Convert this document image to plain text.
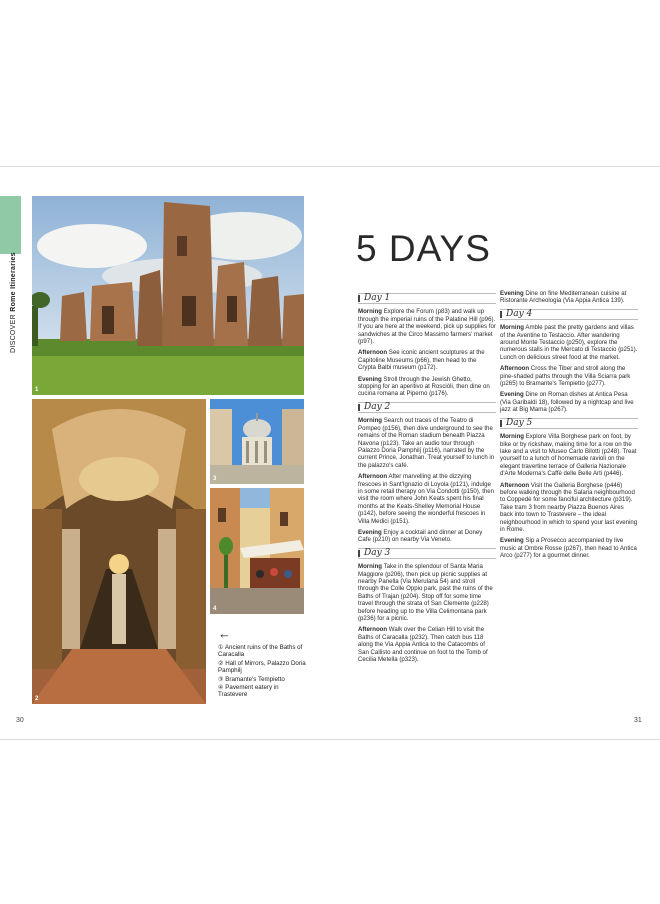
DISCOVER Rome Itineraries
1
2
3
4
←

① Ancient ruins of the Baths of Caracalla

② Hall of Mirrors, Palazzo Doria Pamphilj

③ Bramante's Tempietto

④ Pavement eatery in Trastevere

30
5 DAYS
Day 1

Morning Explore the Forum (p83) and walk up through the imperial ruins of the Palatine Hill (p96). If you are here at the weekend, pick up supplies for sandwiches at the Circo Massimo farmers' market (p97).

Afternoon See iconic ancient sculptures at the Capitoline Museums (p66), then head to the Crypta Balbi museum (p172).

Evening Stroll through the Jewish Ghetto, stopping for an aperitivo at Rosciòli, then dine on cucina romana at Piperno (p176).

Day 2

Morning Search out traces of the Teatro di Pompeo (p156), then dive underground to see the remains of the Roman stadium beneath Piazza Navona (p123). Take an audio tour through Palazzo Doria Pamphilj (p116), narrated by the current Prince, Jonathan. Treat yourself to lunch in the palazzo's café.

Afternoon After marvelling at the dizzying frescoes in Sant'Ignazio di Loyola (p121), indulge in some retail therapy on Via Condotti (p150), then visit the room where John Keats spent his final months at the Keats-Shelley Memorial House (p142), before seeing the wonderful frescoes in Villa Medici (p151).

Evening Enjoy a cocktail and dinner at Doney Cafe (p210) on nearby Via Veneto.

Day 3

Morning Take in the splendour of Santa Maria Maggiore (p206), then pick up picnic supplies at nearby Panella (Via Merulana 54) and stroll through the Colle Oppio park, past the ruins of the Baths of Trajan (p204). Stop off for some time travel through the strata of San Clemente (p228) before heading up to the Villa Celimontana park (p236) for a picnic.

Afternoon Walk over the Celian Hill to visit the Baths of Caracalla (p232). Then catch bus 118 along the Via Appia Antica to the Catacombs of San Callisto and continue on foot to the Tomb of Cecilia Metella (p323).

Evening Dine on fine Mediterranean cuisine at Ristorante Archeologia (Via Appia Antica 139).

Day 4

Morning Amble past the pretty gardens and villas of the Aventine to Testaccio. After wandering around Monte Testaccio (p250), explore the numerous stalls in the Mercato di Testaccio (p251). Lunch on delicious street food at the market.

Afternoon Cross the Tiber and stroll along the pine-shaded paths through the Villa Sciarra park (p265) to Bramante's Tempietto (p277).

Evening Dine on Roman dishes at Antica Pesa (Via Garibaldi 18), followed by a nightcap and live jazz at Big Mama (p267).

Day 5

Morning Explore Villa Borghese park on foot, by bike or by rickshaw, making time for a row on the lake and a visit to Museo Carlo Bilotti (p248). Treat yourself to a lunch of homemade ravioli on the elegant travertine terrace of Galleria Nazionale d'Arte Moderna's Caffè delle Belle Arti (p446).

Afternoon Visit the Galleria Borghese (p446) before walking through the Salaria neighbourhood to Coppedè for some fanciful architecture (p319). Take tram 3 from nearby Piazza Buenos Aires back into town to Trastevere – the ideal neighbourhood in which to spend your last evening in Rome.

Evening Sip a Prosecco accompanied by live music at Ombre Rosse (p267), then head to Antica Arco (p277) for a gourmet dinner.

31
